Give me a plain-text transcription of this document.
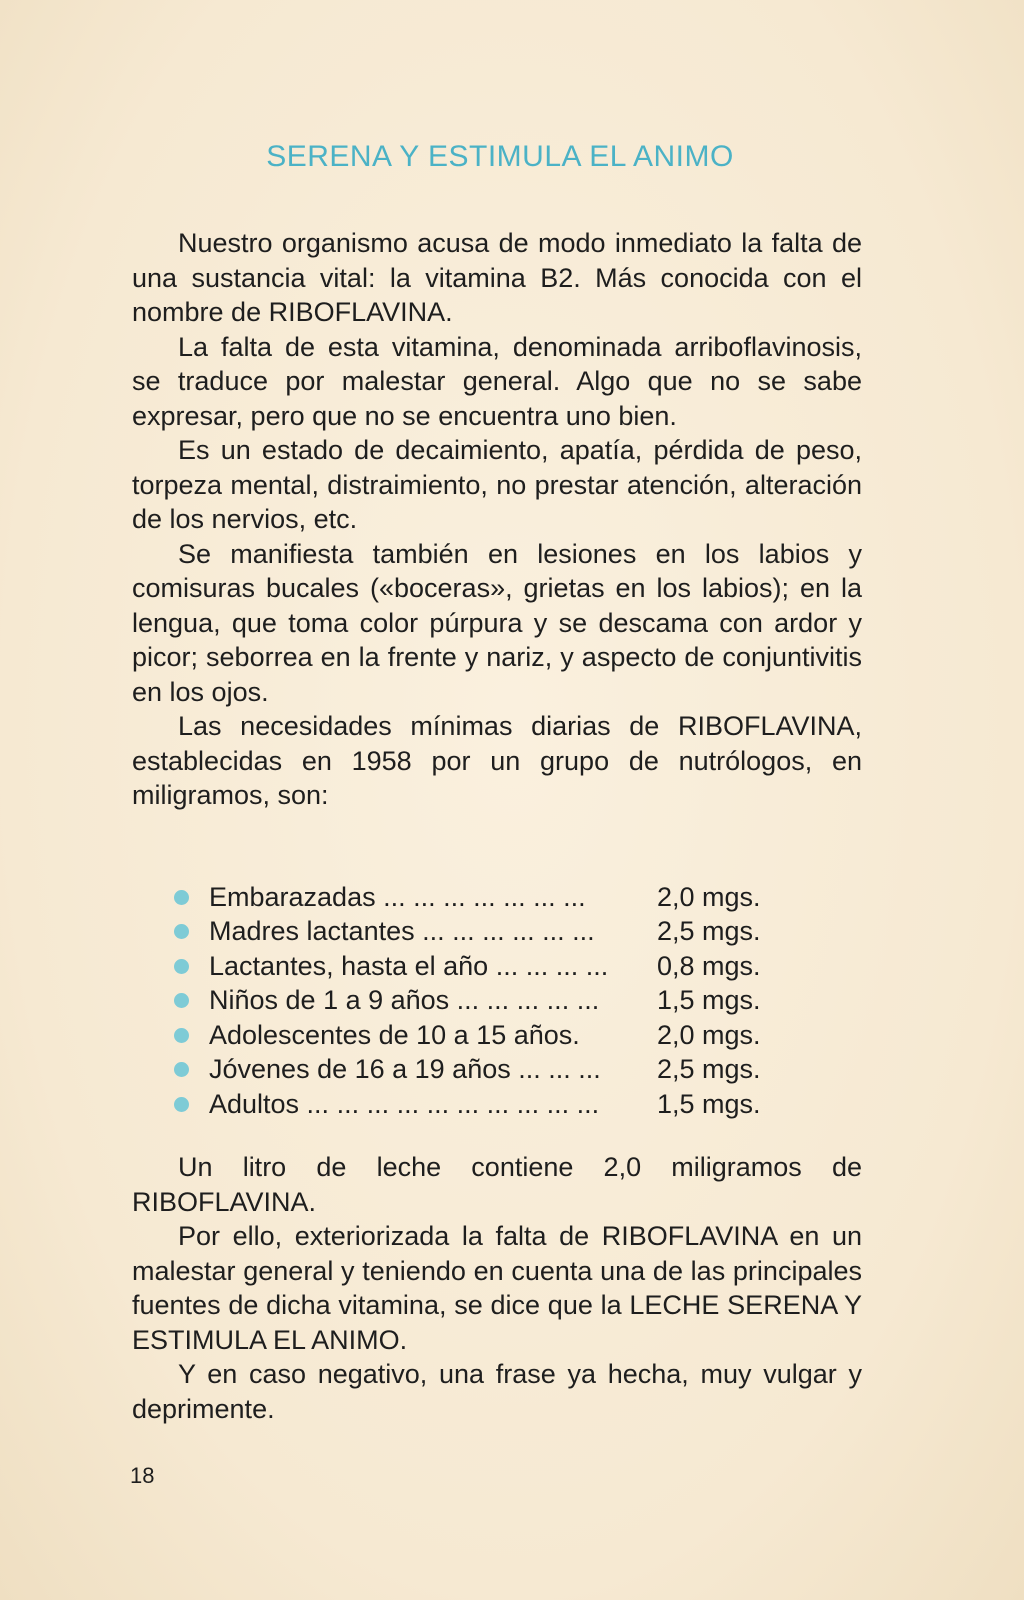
SERENA Y ESTIMULA EL ANIMO

Nuestro organismo acusa de modo inmediato la falta de una sustancia vital: la vitamina B2. Más conocida con el nombre de RIBOFLAVINA.

La falta de esta vitamina, denominada arriboflavinosis, se traduce por malestar general. Algo que no se sabe expresar, pero que no se encuentra uno bien.

Es un estado de decaimiento, apatía, pérdida de peso, torpeza mental, distraimiento, no prestar atención, alteración de los nervios, etc.

Se manifiesta también en lesiones en los labios y comisuras bucales («boceras», grietas en los labios); en la lengua, que toma color púrpura y se descama con ardor y picor; seborrea en la frente y nariz, y aspecto de conjuntivitis en los ojos.

Las necesidades mínimas diarias de RIBOFLAVINA, establecidas en 1958 por un grupo de nutrólogos, en miligramos, son:

Embarazadas ... ... ... ... ... ... ...	2,0 mgs.
Madres lactantes ... ... ... ... ... ...	2,5 mgs.
Lactantes, hasta el año ... ... ... ...	0,8 mgs.
Niños de 1 a 9 años ... ... ... ... ...	1,5 mgs.
Adolescentes de 10 a 15 años.	2,0 mgs.
Jóvenes de 16 a 19 años ... ... ...	2,5 mgs.
Adultos ... ... ... ... ... ... ... ... ... ...	1,5 mgs.

Un litro de leche contiene 2,0 miligramos de RIBOFLAVINA.

Por ello, exteriorizada la falta de RIBOFLAVINA en un malestar general y teniendo en cuenta una de las principales fuentes de dicha vitamina, se dice que la LECHE SERENA Y ESTIMULA EL ANIMO.

Y en caso negativo, una frase ya hecha, muy vulgar y deprimente.

18
